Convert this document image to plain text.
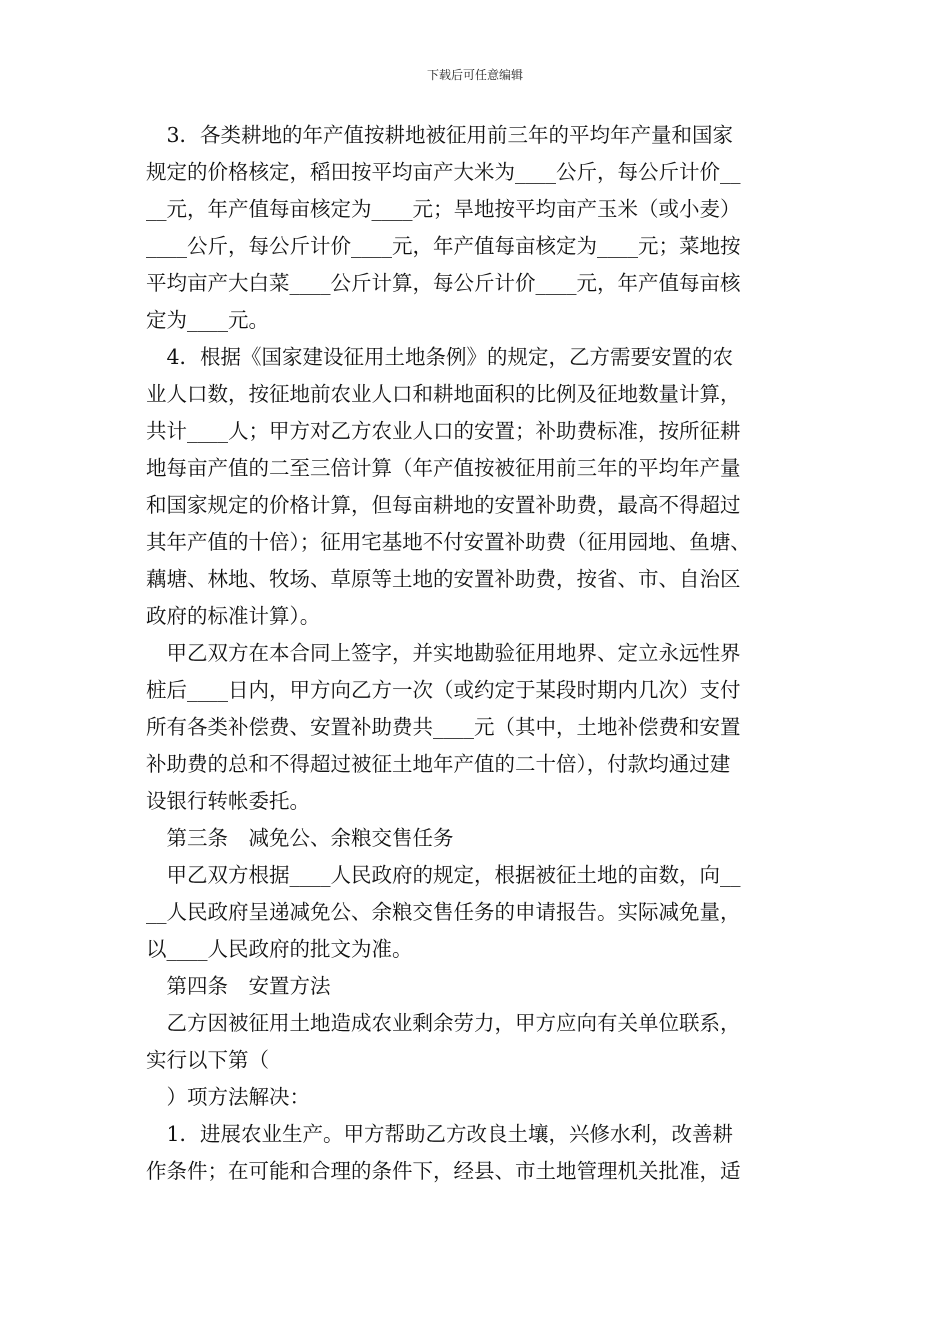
下载后可任意编辑
　3．各类耕地的年产值按耕地被征用前三年的平均年产量和国家
规定的价格核定，稻田按平均亩产大米为____公斤，每公斤计价__
__元，年产值每亩核定为____元；旱地按平均亩产玉米（或小麦）
____公斤，每公斤计价____元，年产值每亩核定为____元；菜地按
平均亩产大白菜____公斤计算，每公斤计价____元，年产值每亩核
定为____元。
　4．根据《国家建设征用土地条例》的规定，乙方需要安置的农
业人口数，按征地前农业人口和耕地面积的比例及征地数量计算，
共计____人；甲方对乙方农业人口的安置；补助费标准，按所征耕
地每亩产值的二至三倍计算（年产值按被征用前三年的平均年产量
和国家规定的价格计算，但每亩耕地的安置补助费，最高不得超过
其年产值的十倍）；征用宅基地不付安置补助费（征用园地、鱼塘、
藕塘、林地、牧场、草原等土地的安置补助费，按省、市、自治区
政府的标准计算）。
　甲乙双方在本合同上签字，并实地勘验征用地界、定立永远性界
桩后____日内，甲方向乙方一次（或约定于某段时期内几次）支付
所有各类补偿费、安置补助费共____元（其中，土地补偿费和安置
补助费的总和不得超过被征土地年产值的二十倍），付款均通过建
设银行转帐委托。
　第三条　减免公、余粮交售任务
　甲乙双方根据____人民政府的规定，根据被征土地的亩数，向__
__人民政府呈递减免公、余粮交售任务的申请报告。实际减免量，
以____人民政府的批文为准。
　第四条　安置方法
　乙方因被征用土地造成农业剩余劳力，甲方应向有关单位联系，
实行以下第（
　）项方法解决：
　1．进展农业生产。甲方帮助乙方改良土壤，兴修水利，改善耕
作条件；在可能和合理的条件下，经县、市土地管理机关批准，适
